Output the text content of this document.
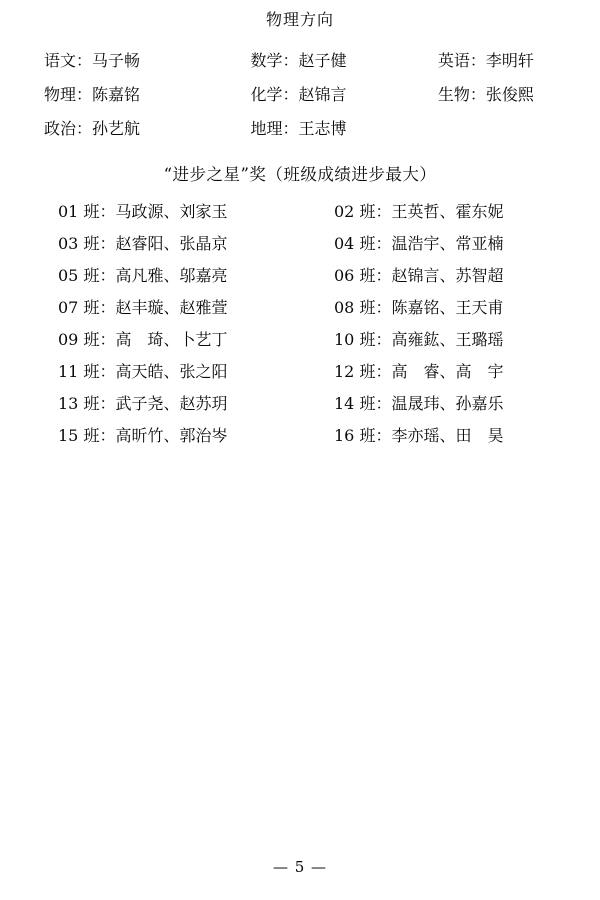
物理方向
语文：马子畅	数学：赵子健	英语：李明轩
物理：陈嘉铭	化学：赵锦言	生物：张俊熙
政治：孙艺航	地理：王志博
“进步之星”奖（班级成绩进步最大）
01 班：马政源、刘家玉	02 班：王英哲、霍东妮
03 班：赵睿阳、张晶京	04 班：温浩宇、常亚楠
05 班：高凡雅、邬嘉亮	06 班：赵锦言、苏智超
07 班：赵丰璇、赵雅萱	08 班：陈嘉铭、王天甫
09 班：高　琦、卜艺丁	10 班：高雍鈜、王璐瑶
11 班：高天皓、张之阳	12 班：高　睿、高　宇
13 班：武子尧、赵苏玥	14 班：温晟玮、孙嘉乐
15 班：高昕竹、郭治岑	16 班：李亦瑶、田　昊
— 5 —
